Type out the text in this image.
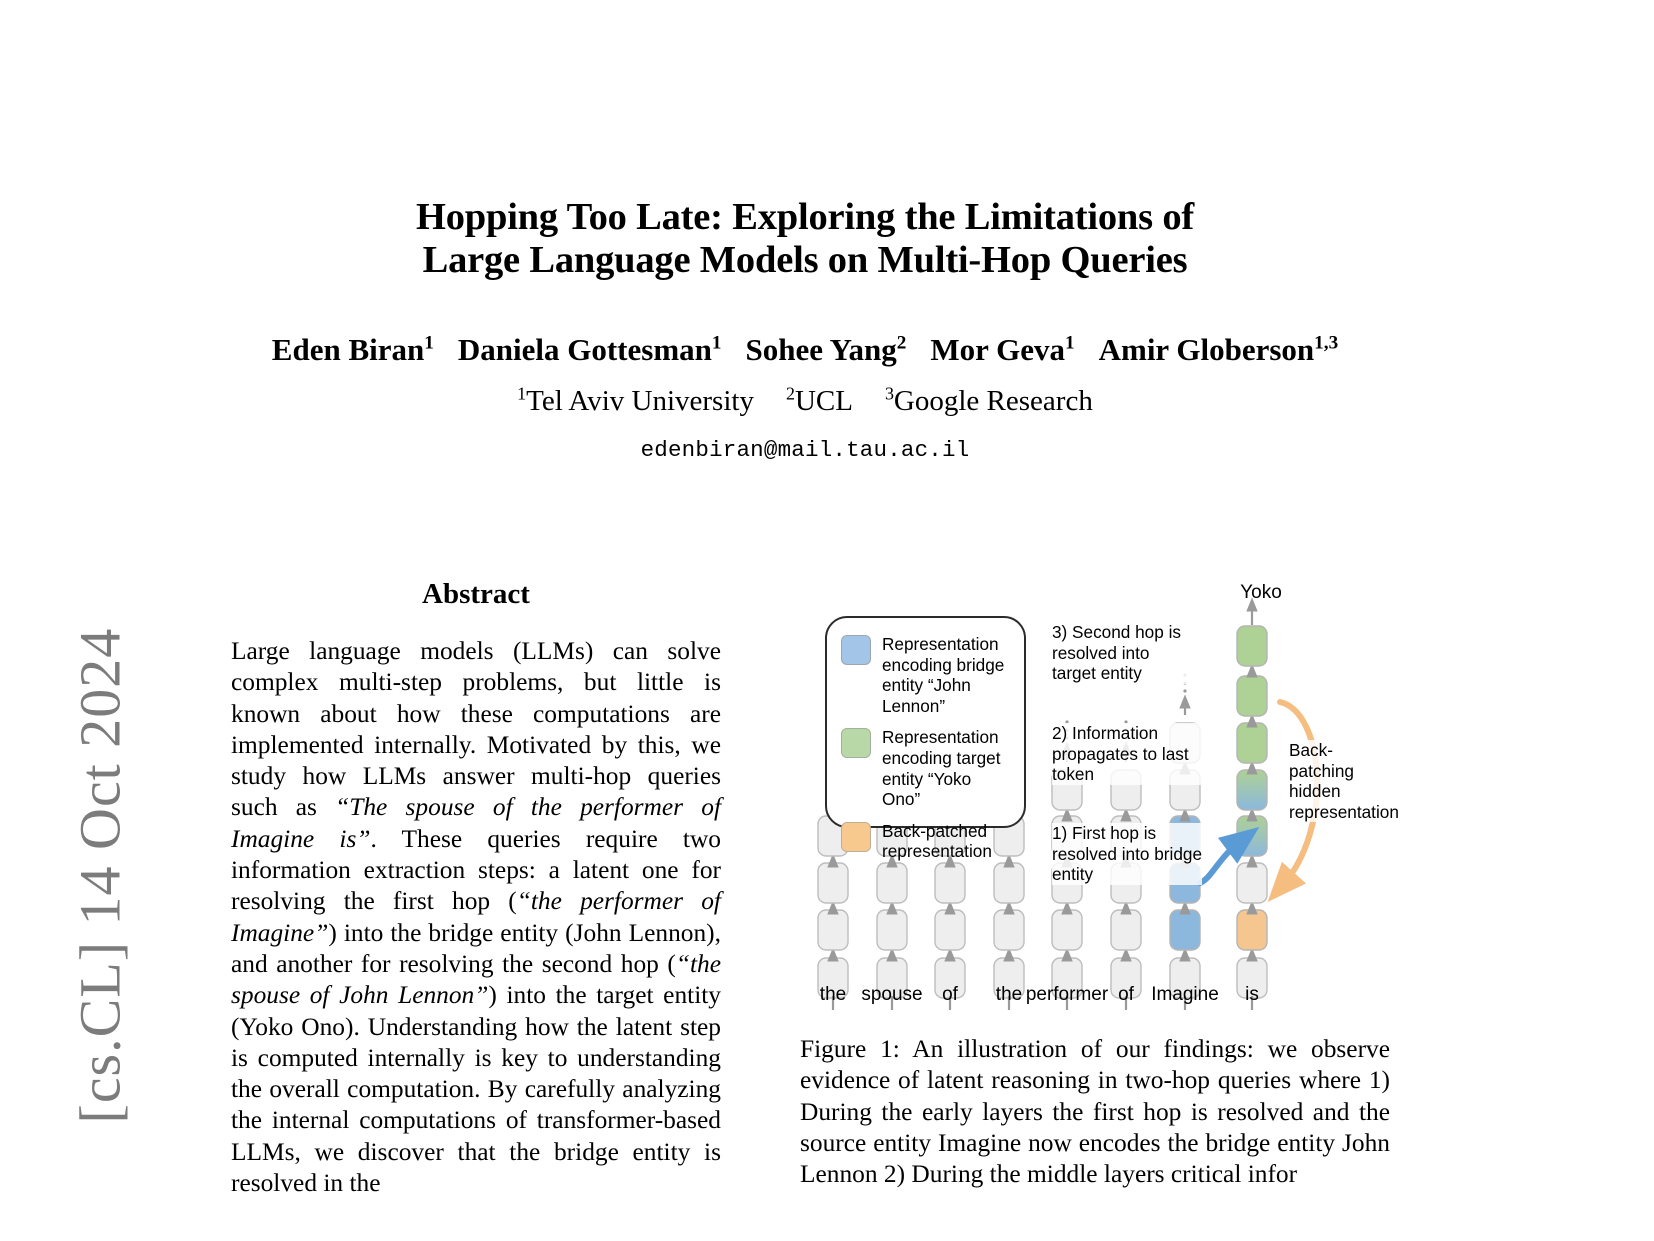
[cs.CL] 14 Oct 2024
Hopping Too Late: Exploring the Limitations of
Large Language Models on Multi-Hop Queries
Eden Biran$^1$ Daniela Gottesman$^1$ Sohee Yang$^2$ Mor Geva$^1$ Amir Globerson$^{1,3}$
$^1$Tel Aviv University $^2$UCL $^3$Google Research
edenbiran@mail.tau.ac.il
Abstract
Large language models (LLMs) can solve complex multi-step problems, but little is known about how these computations are implemented internally. Motivated by this, we study how LLMs answer multi-hop queries such as “The spouse of the performer of Imagine is”. These queries require two information extraction steps: a latent one for resolving the first hop (“the performer of Imagine”) into the bridge entity (John Lennon), and another for resolving the second hop (“the spouse of John Lennon”) into the target entity (Yoko Ono). Understanding how the latent step is computed internally is key to understanding the overall computation. By carefully analyzing the internal computations of transformer-based LLMs, we discover that the bridge entity is resolved in the
Representation encoding bridge entity “John Lennon”
Representation encoding target entity “Yoko Ono”
Back-patched representation
3) Second hop is resolved into target entity
2) Information propagates to last token
1) First hop is resolved into bridge entity
Back-patching hidden representation
Yoko
the spouse of the performer of Imagine is
Figure 1: An illustration of our findings: we observe evidence of latent reasoning in two-hop queries where 1) During the early layers the first hop is resolved and the source entity Imagine now encodes the bridge entity John Lennon 2) During the middle layers critical infor
